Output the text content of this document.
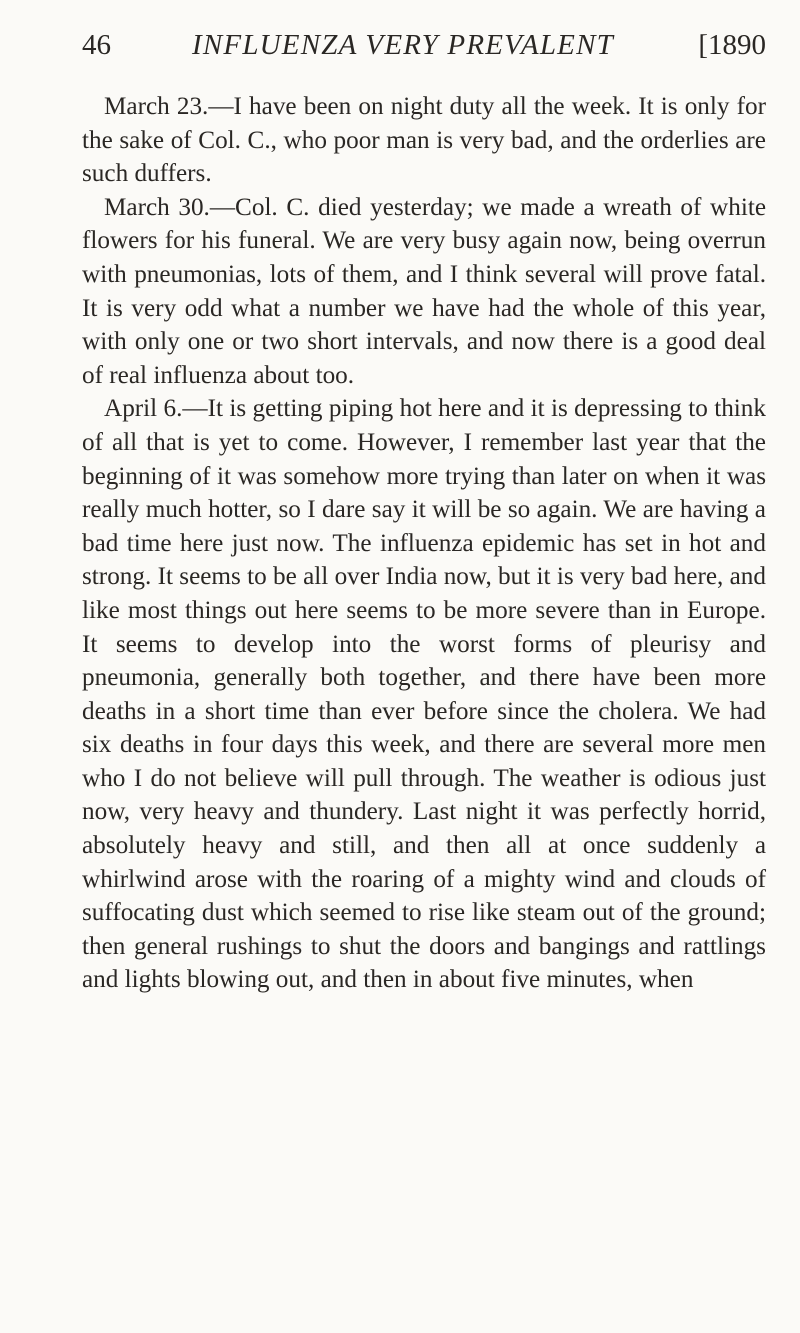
46	INFLUENZA VERY PREVALENT	[1890

March 23.—I have been on night duty all the week. It is only for the sake of Col. C., who poor man is very bad, and the orderlies are such duffers.

March 30.—Col. C. died yesterday; we made a wreath of white flowers for his funeral. We are very busy again now, being overrun with pneumonias, lots of them, and I think several will prove fatal. It is very odd what a number we have had the whole of this year, with only one or two short intervals, and now there is a good deal of real influenza about too.

April 6.—It is getting piping hot here and it is depressing to think of all that is yet to come. However, I remember last year that the beginning of it was somehow more trying than later on when it was really much hotter, so I dare say it will be so again. We are having a bad time here just now. The influenza epidemic has set in hot and strong. It seems to be all over India now, but it is very bad here, and like most things out here seems to be more severe than in Europe. It seems to develop into the worst forms of pleurisy and pneumonia, generally both together, and there have been more deaths in a short time than ever before since the cholera. We had six deaths in four days this week, and there are several more men who I do not believe will pull through. The weather is odious just now, very heavy and thundery. Last night it was perfectly horrid, absolutely heavy and still, and then all at once suddenly a whirlwind arose with the roaring of a mighty wind and clouds of suffocating dust which seemed to rise like steam out of the ground; then general rushings to shut the doors and bangings and rattlings and lights blowing out, and then in about five minutes, when
